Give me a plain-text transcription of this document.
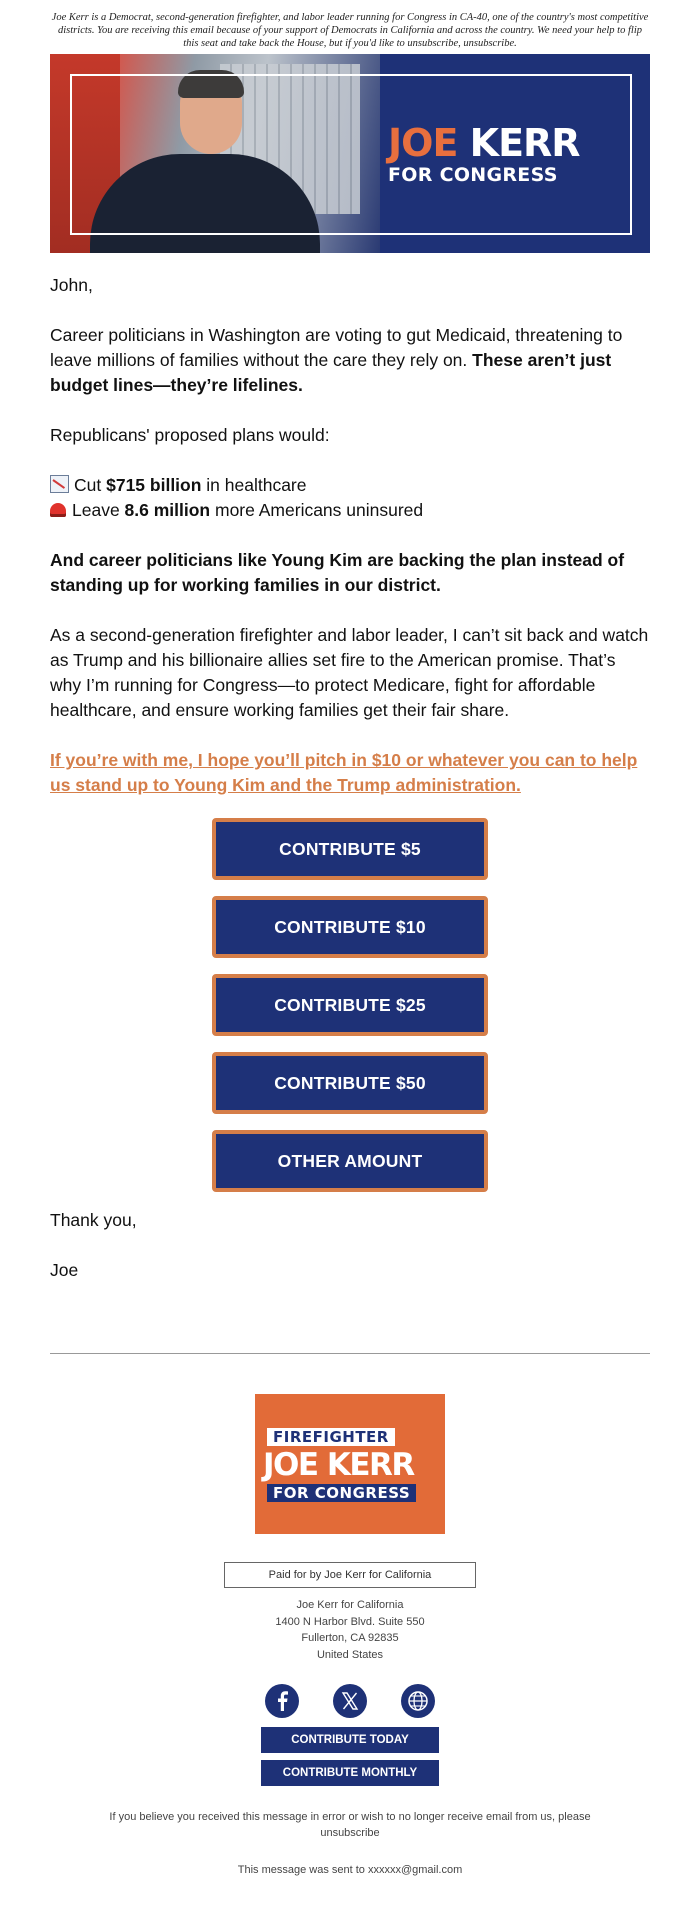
Joe Kerr is a Democrat, second-generation firefighter, and labor leader running for Congress in CA-40, one of the country's most competitive districts. You are receiving this email because of your support of Democrats in California and across the country. We need your help to flip this seat and take back the House, but if you'd like to unsubscribe, unsubscribe.
JOE KERR
FOR CONGRESS

John,

Career politicians in Washington are voting to gut Medicaid, threatening to leave millions of families without the care they rely on. These aren’t just budget lines—they’re lifelines.

Republicans' proposed plans would:

Cut $715 billion in healthcare
Leave 8.6 million more Americans uninsured

And career politicians like Young Kim are backing the plan instead of standing up for working families in our district.

As a second-generation firefighter and labor leader, I can’t sit back and watch as Trump and his billionaire allies set fire to the American promise. That’s why I’m running for Congress—to protect Medicare, fight for affordable healthcare, and ensure working families get their fair share.

If you’re with me, I hope you’ll pitch in $10 or whatever you can to help us stand up to Young Kim and the Trump administration.
CONTRIBUTE $5
CONTRIBUTE $10
CONTRIBUTE $25
CONTRIBUTE $50
OTHER AMOUNT

Thank you,

Joe

FIREFIGHTER
JOE KERR
FOR CONGRESS
Paid for by Joe Kerr for California
Joe Kerr for California
1400 N Harbor Blvd. Suite 550
Fullerton, CA 92835
United States
CONTRIBUTE TODAY
CONTRIBUTE MONTHLY
If you believe you received this message in error or wish to no longer receive email from us, please unsubscribe
This message was sent to xxxxxx@gmail.com
